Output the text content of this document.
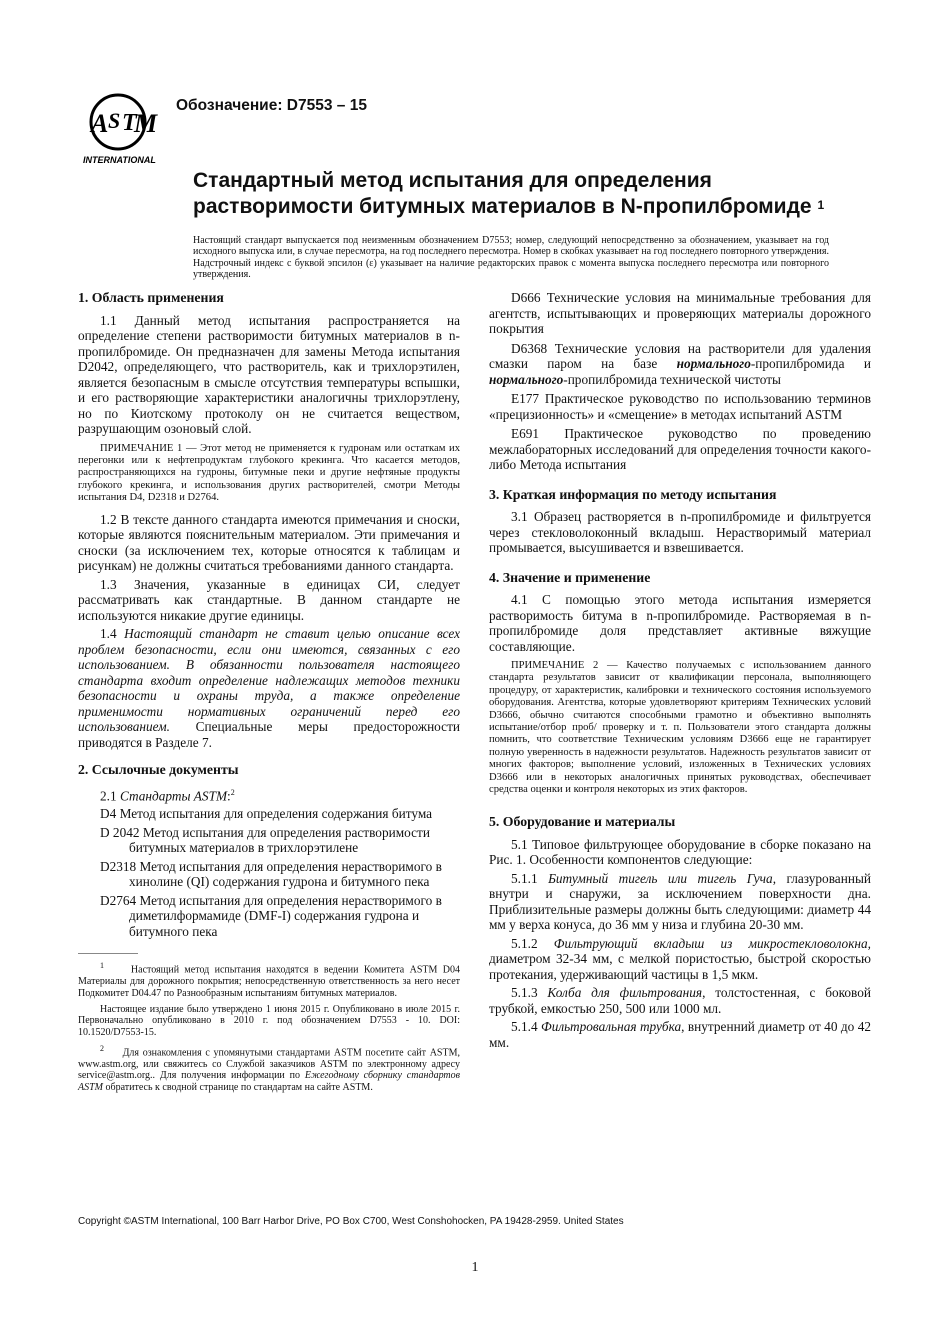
A S T
M
INTERNATIONAL
Обозначение: D7553 – 15
Стандартный метод испытания для определения
растворимости битумных материалов в N-пропилбромиде $^1$
Настоящий стандарт выпускается под неизменным обозначением D7553; номер, следующий непосредственно за обозначением, указывает на год исходного выпуска или, в случае пересмотра, на год последнего пересмотра. Номер в скобках указывает на год последнего повторного утверждения. Надстрочный индекс с буквой эпсилон (ε) указывает на наличие редакторских правок с момента выпуска последнего пересмотра или повторного утверждения.
1. Область применения

1.1 Данный метод испытания распространяется на определение степени растворимости битумных материалов в n-пропилбромиде. Он предназначен для замены Метода испытания D2042, определяющего, что растворитель, как и трихлорэтилен, является безопасным в смысле отсутствия температуры вспышки, и его растворяющие характеристики аналогичны трихлорэтлену, но по Киотскому протоколу он не считается веществом, разрушающим озоновый слой.

ПРИМЕЧАНИЕ 1 — Этот метод не применяется к гудронам или остаткам их перегонки или к нефтепродуктам глубокого крекинга. Что касается методов, распространяющихся на гудроны, битумные пеки и другие нефтяные продукты глубокого крекинга, и использования других растворителей, смотри Методы испытания D4, D2318 и D2764.

1.2 В тексте данного стандарта имеются примечания и сноски, которые являются пояснительным материалом. Эти примечания и сноски (за исключением тех, которые относятся к таблицам и рисункам) не должны считаться требованиями данного стандарта.

1.3 Значения, указанные в единицах СИ, следует рассматривать как стандартные. В данном стандарте не используются никакие другие единицы.

1.4 Настоящий стандарт не ставит целью описание всех проблем безопасности, если они имеются, связанных с его использованием. В обязанности пользователя настоящего стандарта входит определение надлежащих методов техники безопасности и охраны труда, а также определение применимости нормативных ограничений перед его использованием. Специальные меры предосторожности приводятся в Разделе 7.

2. Ссылочные документы

2.1 Стандарты ASTM:$^2$

D4 Метод испытания для определения содержания битума

D 2042 Метод испытания для определения растворимости битумных материалов в трихлорэтилене

D2318 Метод испытания для определения нерастворимого в хинолине (QI) содержания гудрона и битумного пека

D2764 Метод испытания для определения нерастворимого в диметилформамиде (DMF-I) содержания гудрона и битумного пека

$^1$	Настоящий метод испытания находятся в ведении Комитета ASTM D04 Материалы для дорожного покрытия; непосредственную ответственность за него несет Подкомитет D04.47 по Разнообразным испытаниям битумных материалов.

Настоящее издание было утверждено 1 июня 2015 г. Опубликовано в июле 2015 г. Первоначально опубликовано в 2010 г. под обозначением D7553 - 10. DOI: 10.1520/D7553-15.

$^2$ Для ознакомления с упомянутыми стандартами ASTM посетите сайт ASTM, www.astm.org, или свяжитесь со Службой заказчиков ASTM по электронному адресу service@astm.org.. Для получения информации по Ежегодному сборнику стандартов ASTM обратитесь к сводной странице по стандартам на сайте ASTM.

D666 Технические условия на минимальные требования для агентств, испытывающих и проверяющих материалы дорожного покрытия

D6368 Технические условия на растворители для удаления смазки паром на базе нормального-пропилбромида и нормального-пропилбромида технической чистоты

E177 Практическое руководство по использованию терминов «прецизионность» и «смещение» в методах испытаний ASTM

E691 Практическое руководство по проведению межлабораторных исследований для определения точности какого-либо Метода испытания

3. Краткая информация по методу испытания

3.1 Образец растворяется в n-пропилбромиде и фильтруется через стекловолоконный вкладыш. Нерастворимый материал промывается, высушивается и взвешивается.

4. Значение и применение

4.1 С помощью этого метода испытания измеряется растворимость битума в n-пропилбромиде. Растворяемая в n-пропилбромиде доля представляет активные вяжущие составляющие.

ПРИМЕЧАНИЕ 2 — Качество получаемых с использованием данного стандарта результатов зависит от квалификации персонала, выполняющего процедуру, от характеристик, калибровки и технического состояния используемого оборудования. Агентства, которые удовлетворяют критериям Технических условий D3666, обычно считаются способными грамотно и объективно выполнять испытание/отбор проб/ проверку и т. п. Пользователи этого стандарта должны помнить, что соответствие Техническим условиям D3666 еще не гарантирует полную уверенность в надежности результатов. Надежность результатов зависит от многих факторов; выполнение условий, изложенных в Технических условиях D3666 или в некоторых аналогичных принятых руководствах, обеспечивает средства оценки и контроля некоторых из этих факторов.

5. Оборудование и материалы

5.1 Типовое фильтрующее оборудование в сборке показано на Рис. 1. Особенности компонентов следующие:

5.1.1 Битумный тигель или тигель Гуча, глазурованный внутри и снаружи, за исключением поверхности дна. Приблизительные размеры должны быть следующими: диаметр 44 мм у верха конуса, до 36 мм у низа и глубина 20-30 мм.

5.1.2 Фильтрующий вкладыш из микростекловолокна, диаметром 32-34 мм, с мелкой пористостью, быстрой скоростью протекания, удерживающий частицы в 1,5 мкм.

5.1.3 Колба для фильтрования, толстостенная, с боковой трубкой, емкостью 250, 500 или 1000 мл.

5.1.4 Фильтровальная трубка, внутренний диаметр от 40 до 42 мм.

Copyright ©ASTM International, 100 Barr Harbor Drive, PO Box C700, West Conshohocken, PA 19428-2959. United States
1
